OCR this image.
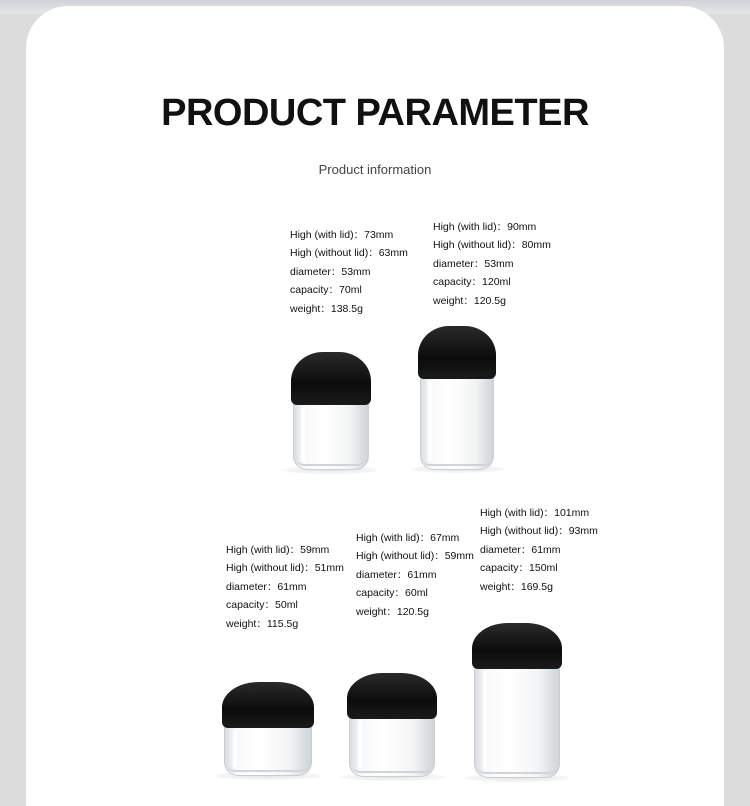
PRODUCT PARAMETER
Product information
High (with lid)：73mm
High (without lid)：63mm
diameter：53mm
capacity：70ml
weight：138.5g
High (with lid)：90mm
High (without lid)：80mm
diameter：53mm
capacity：120ml
weight：120.5g
High (with lid)：59mm
High (without lid)：51mm
diameter：61mm
capacity：50ml
weight：115.5g
High (with lid)：67mm
High (without lid)：59mm
diameter：61mm
capacity：60ml
weight：120.5g
High (with lid)：101mm
High (without lid)：93mm
diameter：61mm
capacity：150ml
weight：169.5g
